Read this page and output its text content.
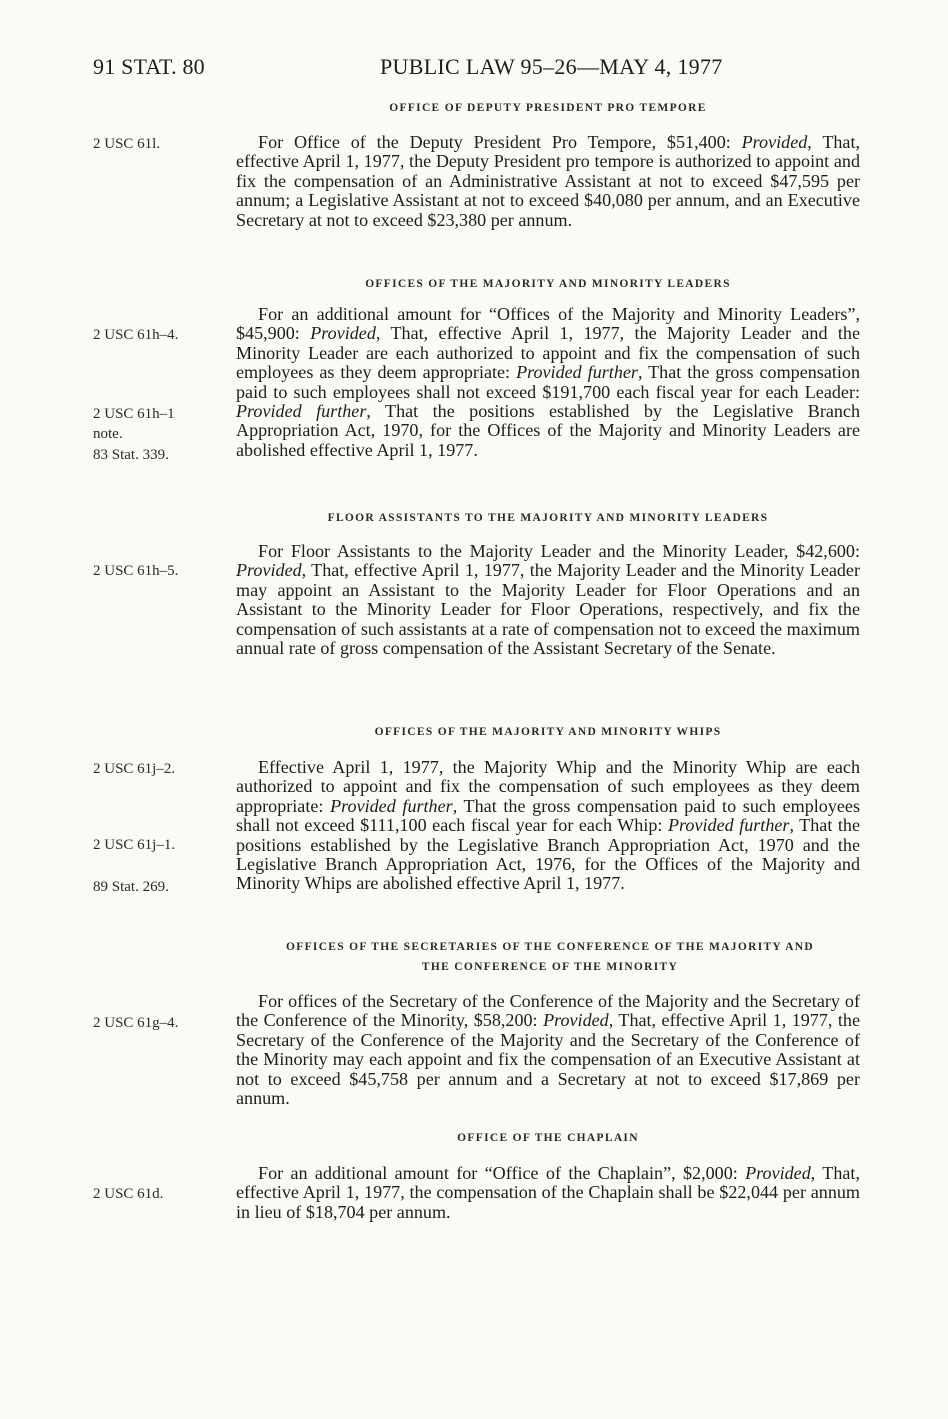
91 STAT. 80	PUBLIC LAW 95–26—MAY 4, 1977
OFFICE OF DEPUTY PRESIDENT PRO TEMPORE
2 USC 61l.	For Office of the Deputy President Pro Tempore, $51,400: Provided, That, effective April 1, 1977, the Deputy President pro tempore is authorized to appoint and fix the compensation of an Administrative Assistant at not to exceed $47,595 per annum; a Legislative Assistant at not to exceed $40,080 per annum, and an Executive Secretary at not to exceed $23,380 per annum.

OFFICES OF THE MAJORITY AND MINORITY LEADERS
2 USC 61h–4.
2 USC 61h–1
note.
83 Stat. 339.

For an additional amount for “Offices of the Majority and Minority Leaders”, $45,900: Provided, That, effective April 1, 1977, the Majority Leader and the Minority Leader are each authorized to appoint and fix the compensation of such employees as they deem appropriate: Provided further, That the gross compensation paid to such employees shall not exceed $191,700 each fiscal year for each Leader: Provided further, That the positions established by the Legislative Branch Appropriation Act, 1970, for the Offices of the Majority and Minority Leaders are abolished effective April 1, 1977.

FLOOR ASSISTANTS TO THE MAJORITY AND MINORITY LEADERS
2 USC 61h–5.

For Floor Assistants to the Majority Leader and the Minority Leader, $42,600: Provided, That, effective April 1, 1977, the Majority Leader and the Minority Leader may appoint an Assistant to the Majority Leader for Floor Operations and an Assistant to the Minority Leader for Floor Operations, respectively, and fix the compensation of such assistants at a rate of compensation not to exceed the maximum annual rate of gross compensation of the Assistant Secretary of the Senate.

OFFICES OF THE MAJORITY AND MINORITY WHIPS
2 USC 61j–2.
2 USC 61j–1.
89 Stat. 269.

Effective April 1, 1977, the Majority Whip and the Minority Whip are each authorized to appoint and fix the compensation of such employees as they deem appropriate: Provided further, That the gross compensation paid to such employees shall not exceed $111,100 each fiscal year for each Whip: Provided further, That the positions established by the Legislative Branch Appropriation Act, 1970 and the Legislative Branch Appropriation Act, 1976, for the Offices of the Majority and Minority Whips are abolished effective April 1, 1977.

OFFICES OF THE SECRETARIES OF THE CONFERENCE OF THE MAJORITY AND
THE CONFERENCE OF THE MINORITY
2 USC 61g–4.

For offices of the Secretary of the Conference of the Majority and the Secretary of the Conference of the Minority, $58,200: Provided, That, effective April 1, 1977, the Secretary of the Conference of the Majority and the Secretary of the Conference of the Minority may each appoint and fix the compensation of an Executive Assistant at not to exceed $45,758 per annum and a Secretary at not to exceed $17,869 per annum.

OFFICE OF THE CHAPLAIN
2 USC 61d.

For an additional amount for “Office of the Chaplain”, $2,000: Provided, That, effective April 1, 1977, the compensation of the Chaplain shall be $22,044 per annum in lieu of $18,704 per annum.
